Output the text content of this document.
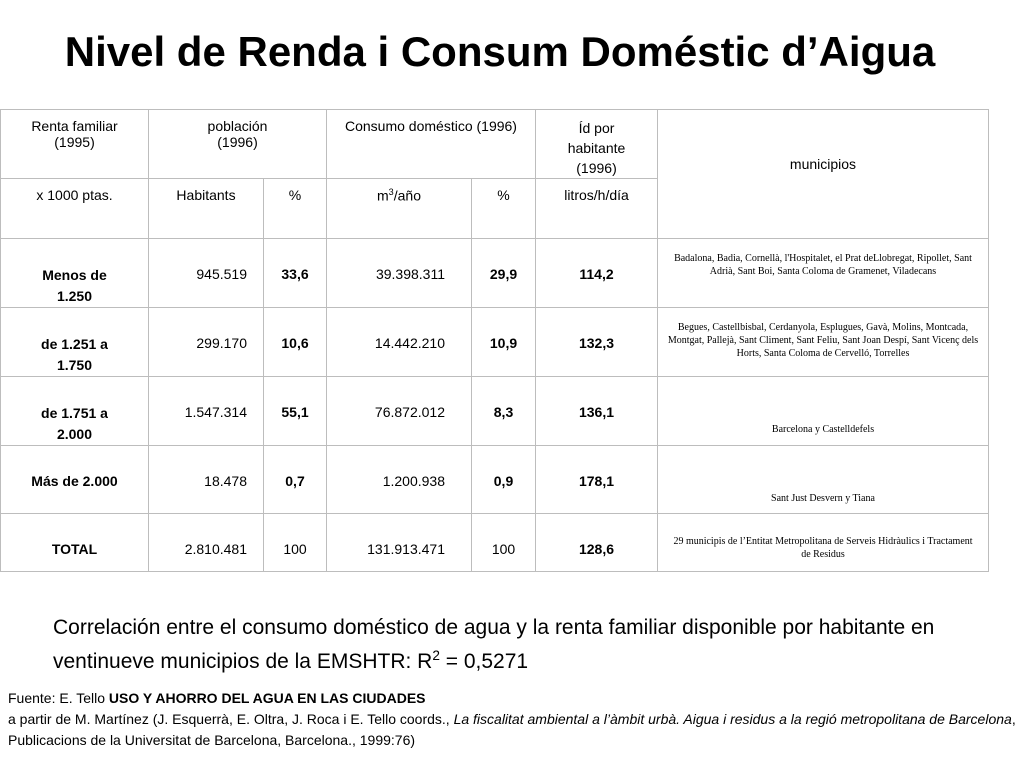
Nivel de Renda i Consum Doméstic d’Aigua
Renta familiar (1995)	población (1996)		Consumo doméstico (1996)		Íd por habitante (1996)	municipios
x 1000 ptas.	Habitants	%	$m^3$/año	%	litros/h/día	
Menos de 1.250	945.519	33,6	39.398.311	29,9	114,2	Badalona, Badia, Cornellà, l'Hospitalet, el Prat deLlobregat, Ripollet, Sant Adrià, Sant Boi, Santa Coloma de Gramenet, Viladecans
de 1.251 a 1.750	299.170	10,6	14.442.210	10,9	132,3	Begues, Castellbisbal, Cerdanyola, Esplugues, Gavà, Molins, Montcada, Montgat, Pallejà, Sant Climent, Sant Feliu, Sant Joan Despí, Sant Vicenç dels Horts, Santa Coloma de Cervelló, Torrelles
de 1.751 a 2.000	1.547.314	55,1	76.872.012	8,3	136,1	Barcelona y Castelldefels
Más de 2.000	18.478	0,7	1.200.938	0,9	178,1	Sant Just Desvern y Tiana
TOTAL	2.810.481	100	131.913.471	100	128,6	29 municipis de l’Entitat Metropolitana de Serveis Hidràulics i Tractament de Residus
Correlación entre el consumo doméstico de agua y la renta familiar disponible por habitante en ventinueve municipios de la EMSHTR: $R^2 = 0,5271$
Fuente: E. Tello USO Y AHORRO DEL AGUA EN LAS CIUDADES
a partir de M. Martínez (J. Esquerrà, E. Oltra, J. Roca i E. Tello coords., La fiscalitat ambiental a l’àmbit urbà. Aigua i residus a la regió metropolitana de Barcelona, Publicacions de la Universitat de Barcelona, Barcelona., 1999:76)
